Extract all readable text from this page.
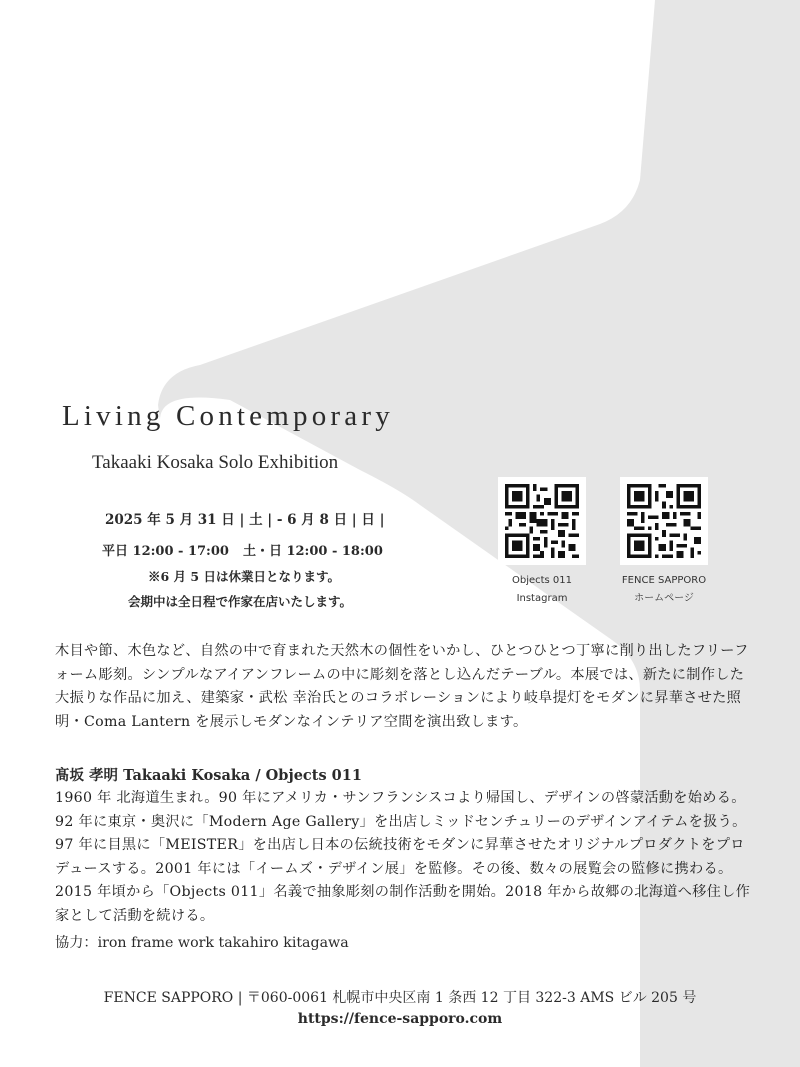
Living Contemporary
Takaaki Kosaka Solo Exhibition
2025 年 5 月 31 日 | 土 | - 6 月 8 日 | 日 |
平日 12:00 - 17:00 土・日 12:00 - 18:00
※6 月 5 日は休業日となります。
会期中は全日程で作家在店いたします。
Objects 011
Instagram
FENCE SAPPORO
ホームページ
木目や節、木色など、自然の中で育まれた天然木の個性をいかし、ひとつひとつ丁寧に削り出したフリーフォーム彫刻。シンプルなアイアンフレームの中に彫刻を落とし込んだテーブル。本展では、新たに制作した大振りな作品に加え、建築家・武松 幸治氏とのコラボレーションにより岐阜提灯をモダンに昇華させた照明・Coma Lantern を展示しモダンなインテリア空間を演出致します。
髙坂 孝明 Takaaki Kosaka / Objects 011
1960 年 北海道生まれ。90 年にアメリカ・サンフランシスコより帰国し、デザインの啓蒙活動を始める。92 年に東京・奥沢に「Modern Age Gallery」を出店しミッドセンチュリーのデザインアイテムを扱う。97 年に目黒に「MEISTER」を出店し日本の伝統技術をモダンに昇華させたオリジナルプロダクトをプロデュースする。2001 年には「イームズ・デザイン展」を監修。その後、数々の展覧会の監修に携わる。2015 年頃から「Objects 011」名義で抽象彫刻の制作活動を開始。2018 年から故郷の北海道へ移住し作家として活動を続ける。
協力：iron frame work takahiro kitagawa
FENCE SAPPORO | 〒060-0061 札幌市中央区南 1 条西 12 丁目 322-3 AMS ビル 205 号
https://fence-sapporo.com
